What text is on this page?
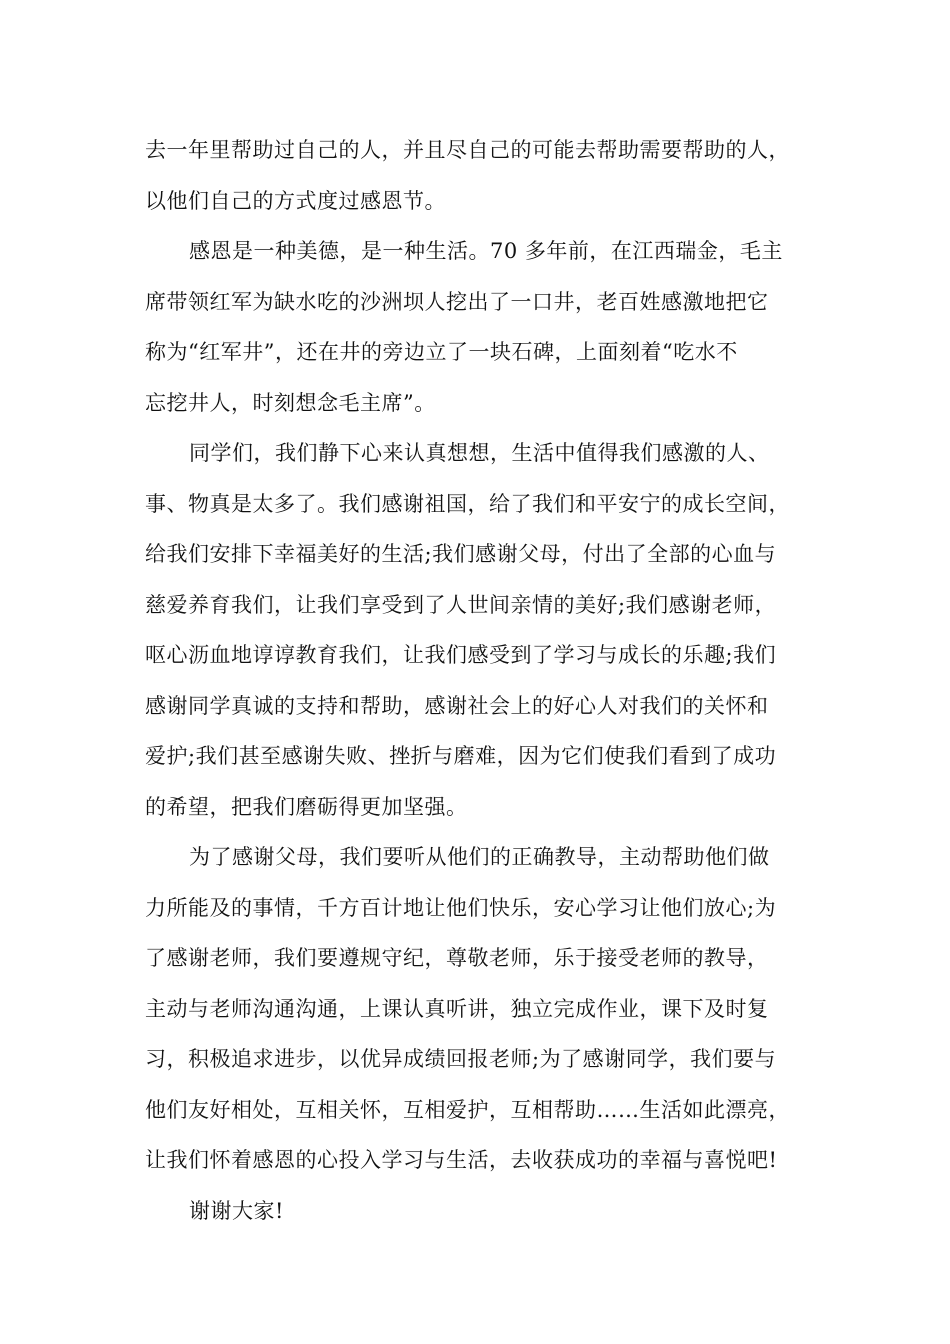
去一年里帮助过自己的人，并且尽自己的可能去帮助需要帮助的人，
以他们自己的方式度过感恩节。
感恩是一种美德，是一种生活。70 多年前，在江西瑞金，毛主
席带领红军为缺水吃的沙洲坝人挖出了一口井，老百姓感激地把它
称为“红军井”，还在井的旁边立了一块石碑，上面刻着“吃水不
忘挖井人，时刻想念毛主席”。
同学们，我们静下心来认真想想，生活中值得我们感激的人、
事、物真是太多了。我们感谢祖国，给了我们和平安宁的成长空间，
给我们安排下幸福美好的生活;我们感谢父母，付出了全部的心血与
慈爱养育我们，让我们享受到了人世间亲情的美好;我们感谢老师，
呕心沥血地谆谆教育我们，让我们感受到了学习与成长的乐趣;我们
感谢同学真诚的支持和帮助，感谢社会上的好心人对我们的关怀和
爱护;我们甚至感谢失败、挫折与磨难，因为它们使我们看到了成功
的希望，把我们磨砺得更加坚强。
为了感谢父母，我们要听从他们的正确教导，主动帮助他们做
力所能及的事情，千方百计地让他们快乐，安心学习让他们放心;为
了感谢老师，我们要遵规守纪，尊敬老师，乐于接受老师的教导，
主动与老师沟通沟通，上课认真听讲，独立完成作业，课下及时复
习，积极追求进步，以优异成绩回报老师;为了感谢同学，我们要与
他们友好相处，互相关怀，互相爱护，互相帮助……生活如此漂亮，
让我们怀着感恩的心投入学习与生活，去收获成功的幸福与喜悦吧!
谢谢大家!
